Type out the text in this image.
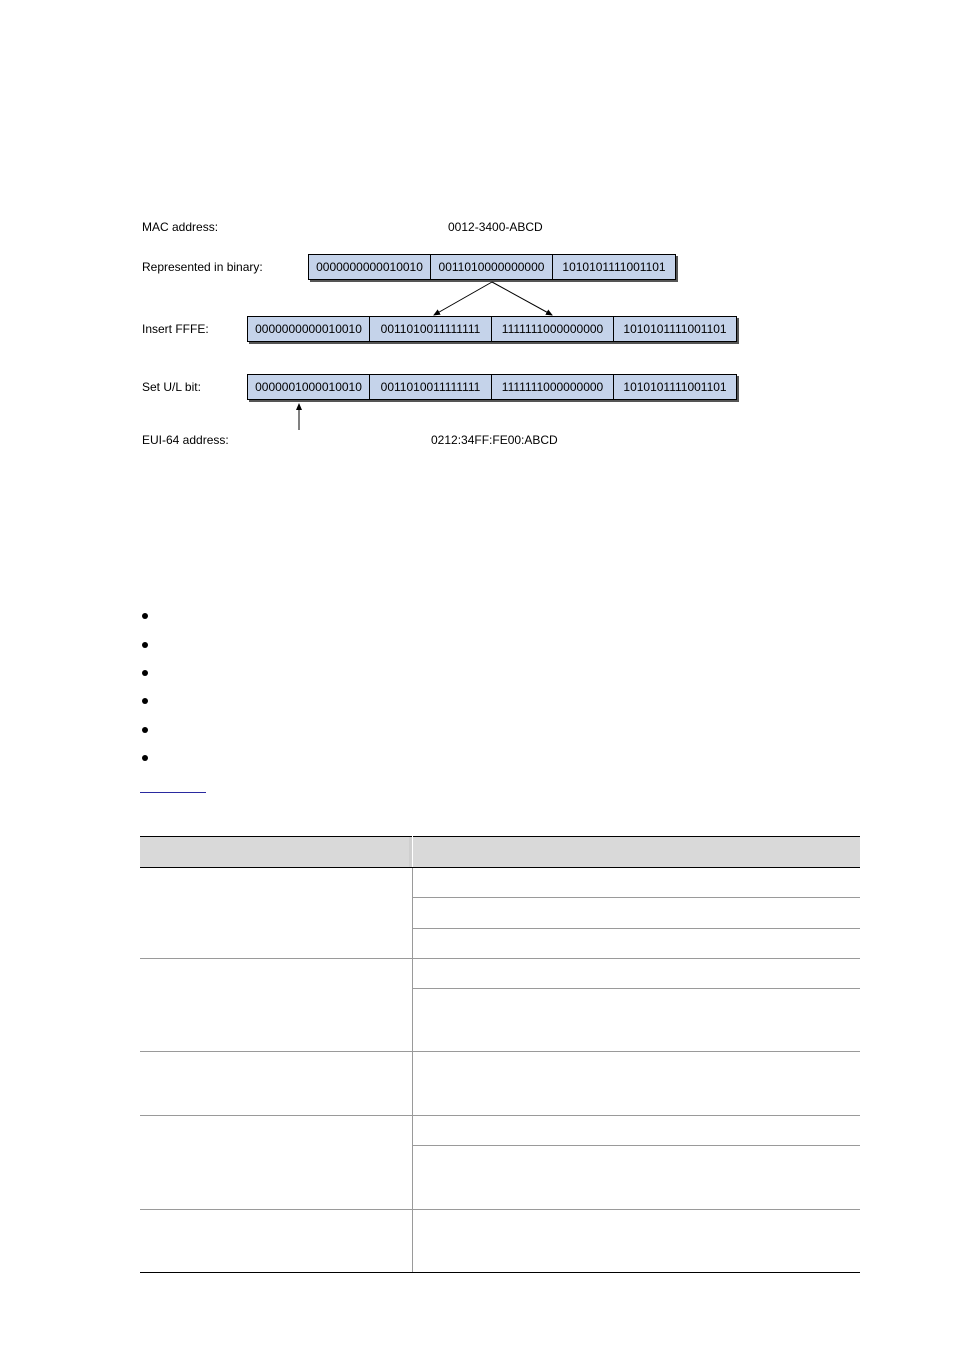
MAC address:	0012-3400-ABCD
Represented in binary:	0000000000010010	0011010000000000	1010101111001101
Insert FFFE:	0000000000010010	0011010011111111	1111111000000000	1010101111001101
Set U/L bit:	0000001000010010	0011010011111111	1111111000000000	1010101111001101
EUI-64 address:	0212:34FF:FE00:ABCD
